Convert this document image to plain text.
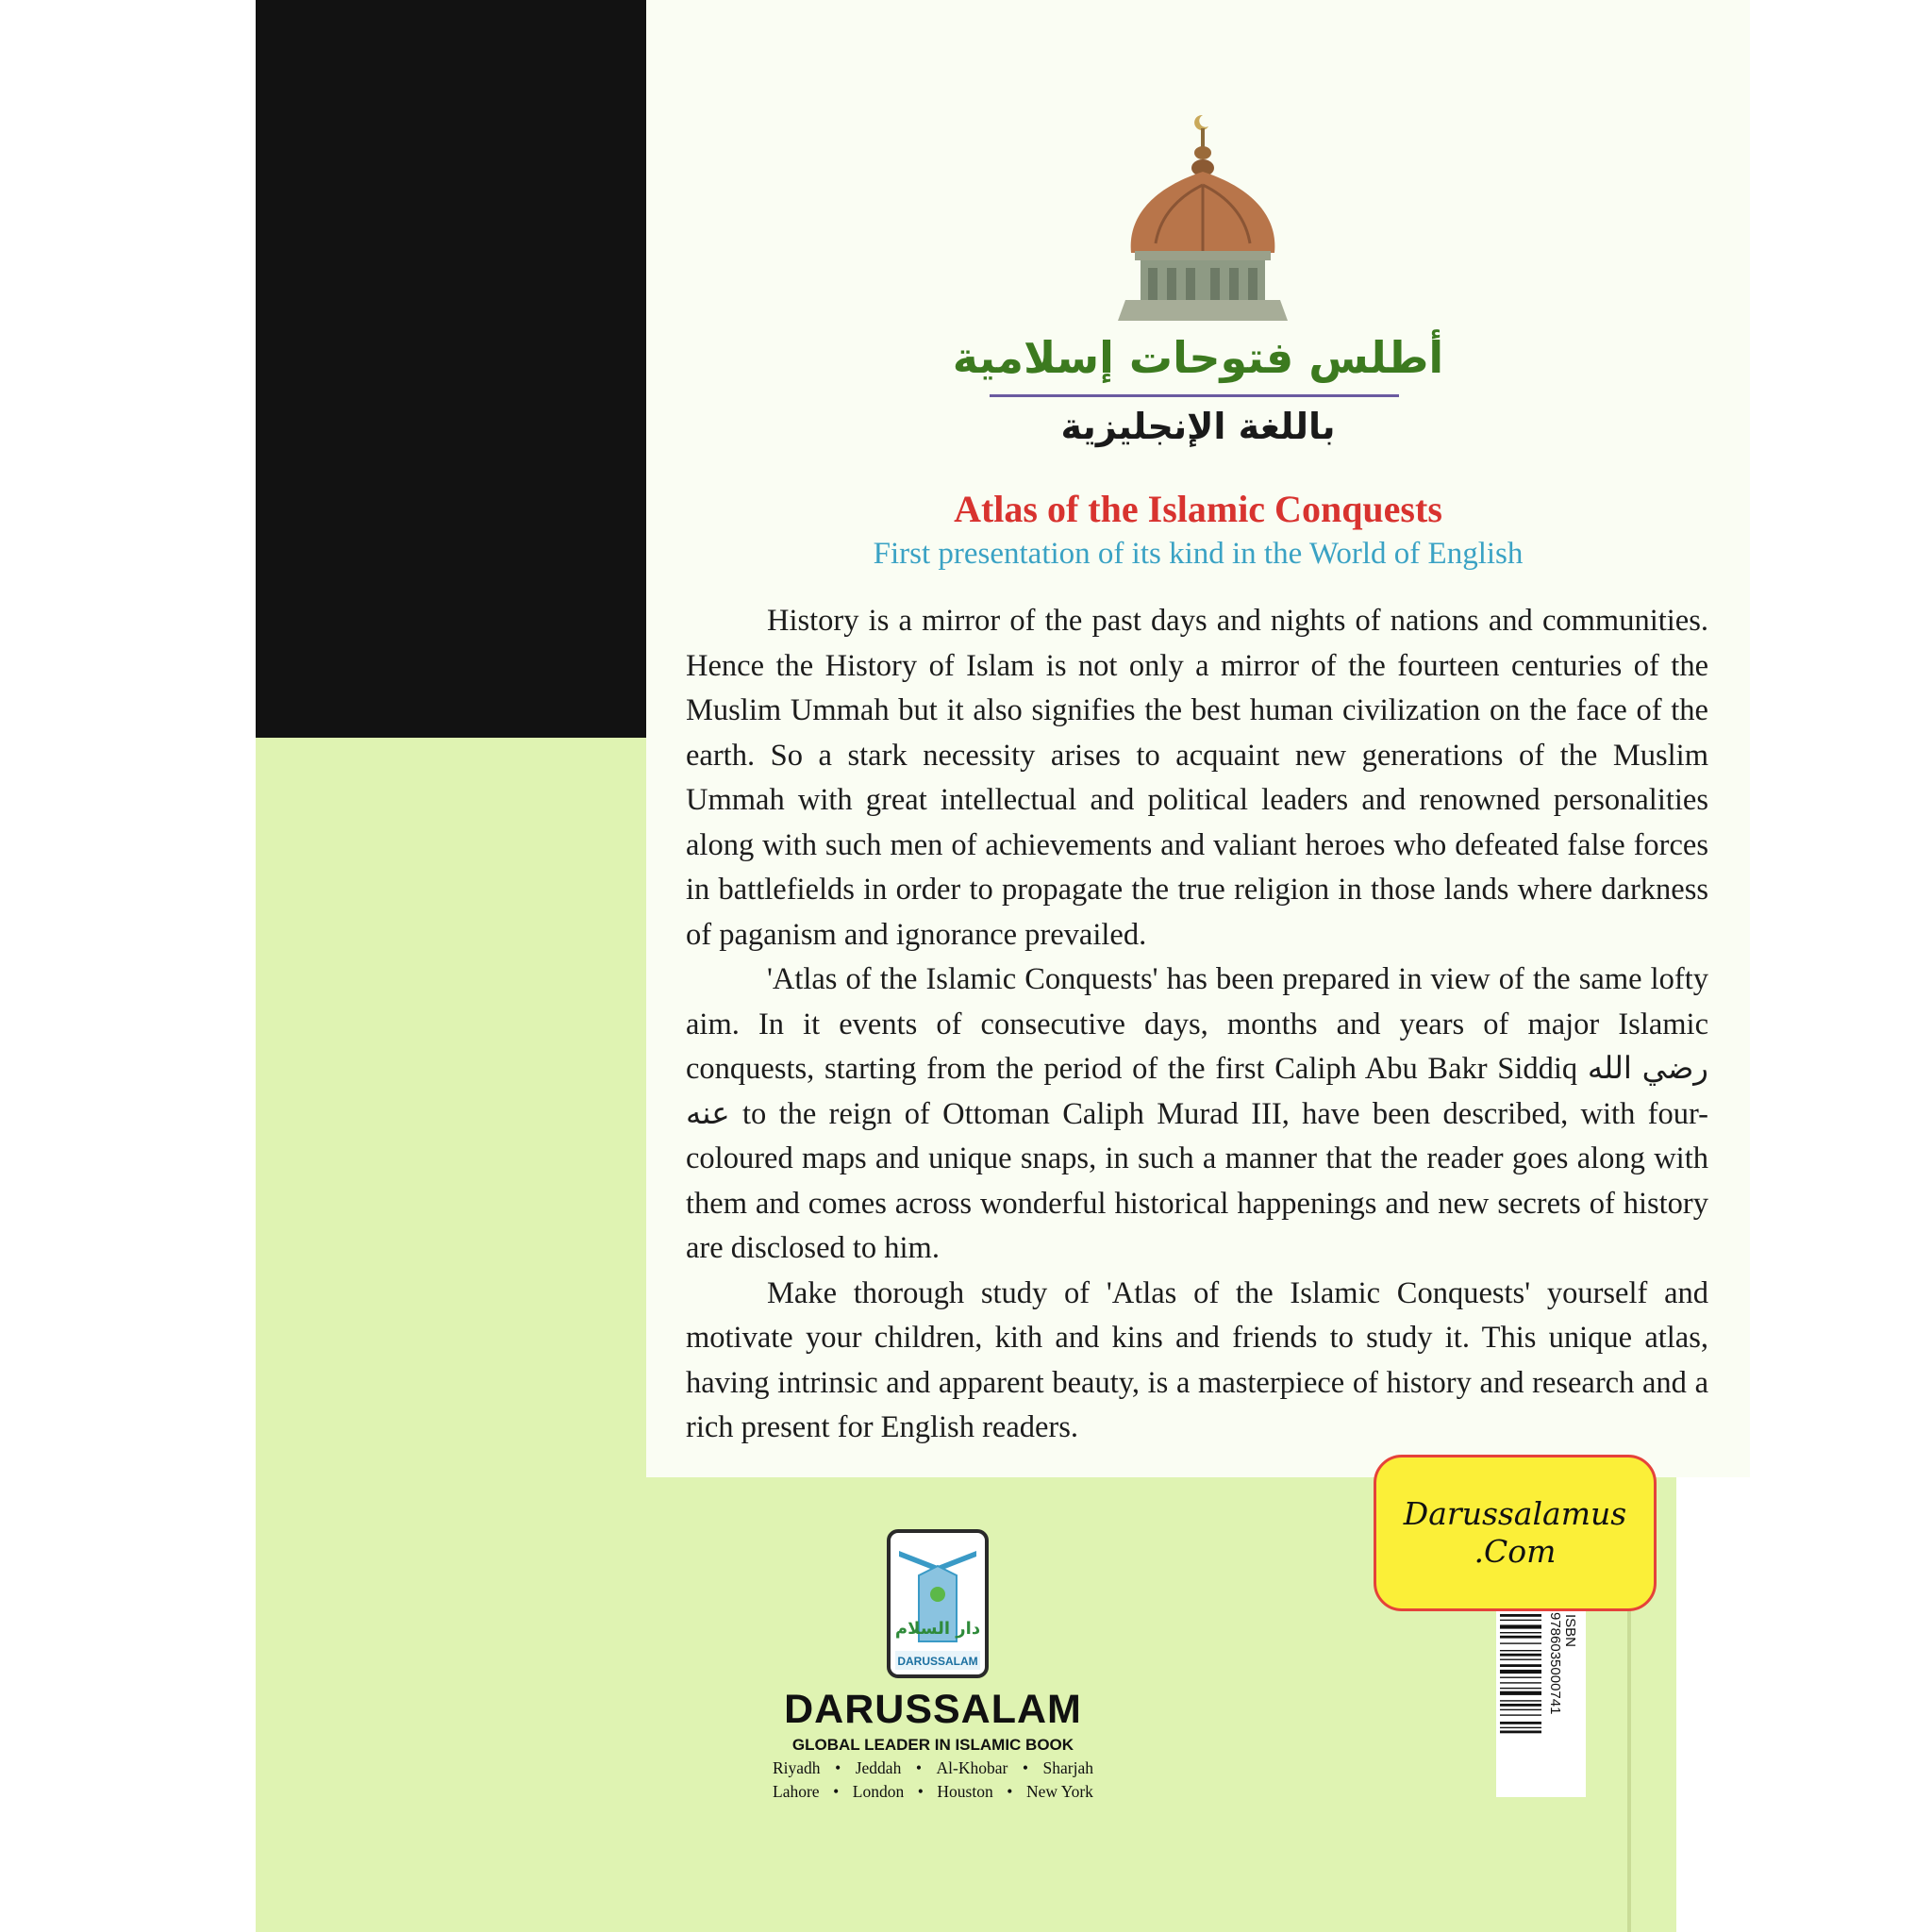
أطلس فتوحات إسلامية
باللغة الإنجليزية
Atlas of the Islamic Conquests
First presentation of its kind in the World of English

History is a mirror of the past days and nights of nations and communities. Hence the History of Islam is not only a mirror of the fourteen centuries of the Muslim Ummah but it also signifies the best human civilization on the face of the earth. So a stark necessity arises to acquaint new generations of the Muslim Ummah with great intellectual and political leaders and renowned personalities along with such men of achievements and valiant heroes who defeated false forces in battlefields in order to propagate the true religion in those lands where darkness of paganism and ignorance prevailed.

'Atlas of the Islamic Conquests' has been prepared in view of the same lofty aim. In it events of consecutive days, months and years of major Islamic conquests, starting from the period of the first Caliph Abu Bakr Siddiq رضي الله عنه to the reign of Ottoman Caliph Murad III, have been described, with four-coloured maps and unique snaps, in such a manner that the reader goes along with them and comes across wonderful historical happenings and new secrets of history are disclosed to him.

Make thorough study of 'Atlas of the Islamic Conquests' yourself and motivate your children, kith and kins and friends to study it. This unique atlas, having intrinsic and apparent beauty, is a masterpiece of history and research and a rich present for English readers.

دار السلام
DARUSSALAM
DARUSSALAM
GLOBAL LEADER IN ISLAMIC BOOK
Riyadh • Jeddah • Al-Khobar • Sharjah
Lahore • London • Houston • New York
9786035000741 ISBN
Darussalamus
.Com
